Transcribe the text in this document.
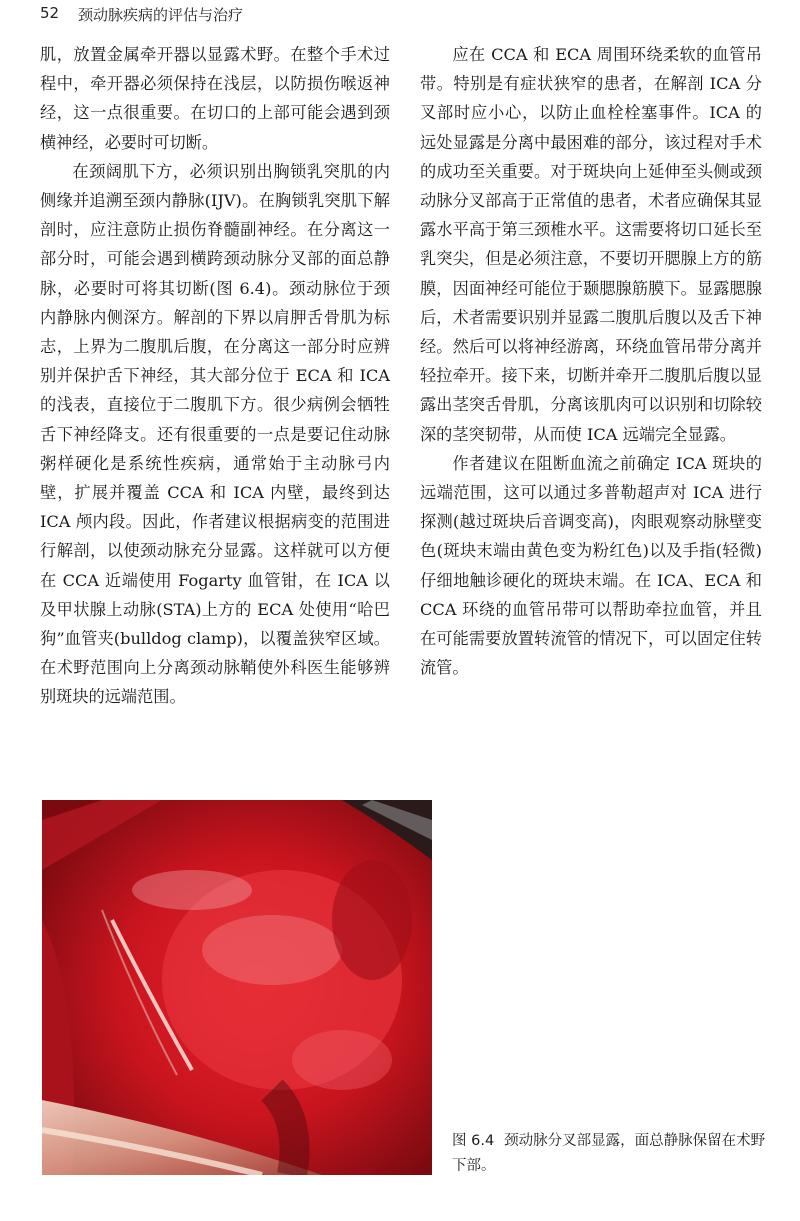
52 颈动脉疾病的评估与治疗

肌，放置金属牵开器以显露术野。在整个手术过程中，牵开器必须保持在浅层，以防损伤喉返神经，这一点很重要。在切口的上部可能会遇到颈横神经，必要时可切断。

在颈阔肌下方，必须识别出胸锁乳突肌的内侧缘并追溯至颈内静脉(IJV)。在胸锁乳突肌下解剖时，应注意防止损伤脊髓副神经。在分离这一部分时，可能会遇到横跨颈动脉分叉部的面总静脉，必要时可将其切断(图 6.4)。颈动脉位于颈内静脉内侧深方。解剖的下界以肩胛舌骨肌为标志，上界为二腹肌后腹，在分离这一部分时应辨别并保护舌下神经，其大部分位于 ECA 和 ICA 的浅表，直接位于二腹肌下方。很少病例会牺牲舌下神经降支。还有很重要的一点是要记住动脉粥样硬化是系统性疾病，通常始于主动脉弓内壁，扩展并覆盖 CCA 和 ICA 内壁，最终到达 ICA 颅内段。因此，作者建议根据病变的范围进行解剖，以使颈动脉充分显露。这样就可以方便在 CCA 近端使用 Fogarty 血管钳，在 ICA 以及甲状腺上动脉(STA)上方的 ECA 处使用“哈巴狗”血管夹(bulldog clamp)，以覆盖狭窄区域。在术野范围向上分离颈动脉鞘使外科医生能够辨别斑块的远端范围。

应在 CCA 和 ECA 周围环绕柔软的血管吊带。特别是有症状狭窄的患者，在解剖 ICA 分叉部时应小心，以防止血栓栓塞事件。ICA 的远处显露是分离中最困难的部分，该过程对手术的成功至关重要。对于斑块向上延伸至头侧或颈动脉分叉部高于正常值的患者，术者应确保其显露水平高于第三颈椎水平。这需要将切口延长至乳突尖，但是必须注意，不要切开腮腺上方的筋膜，因面神经可能位于颞腮腺筋膜下。显露腮腺后，术者需要识别并显露二腹肌后腹以及舌下神经。然后可以将神经游离，环绕血管吊带分离并轻拉牵开。接下来，切断并牵开二腹肌后腹以显露出茎突舌骨肌，分离该肌肉可以识别和切除较深的茎突韧带，从而使 ICA 远端完全显露。

作者建议在阻断血流之前确定 ICA 斑块的远端范围，这可以通过多普勒超声对 ICA 进行探测(越过斑块后音调变高)，肉眼观察动脉壁变色(斑块末端由黄色变为粉红色)以及手指(轻微)仔细地触诊硬化的斑块末端。在 ICA、ECA 和 CCA 环绕的血管吊带可以帮助牵拉血管，并且在可能需要放置转流管的情况下，可以固定住转流管。

图 6.4 颈动脉分叉部显露，面总静脉保留在术野下部。
